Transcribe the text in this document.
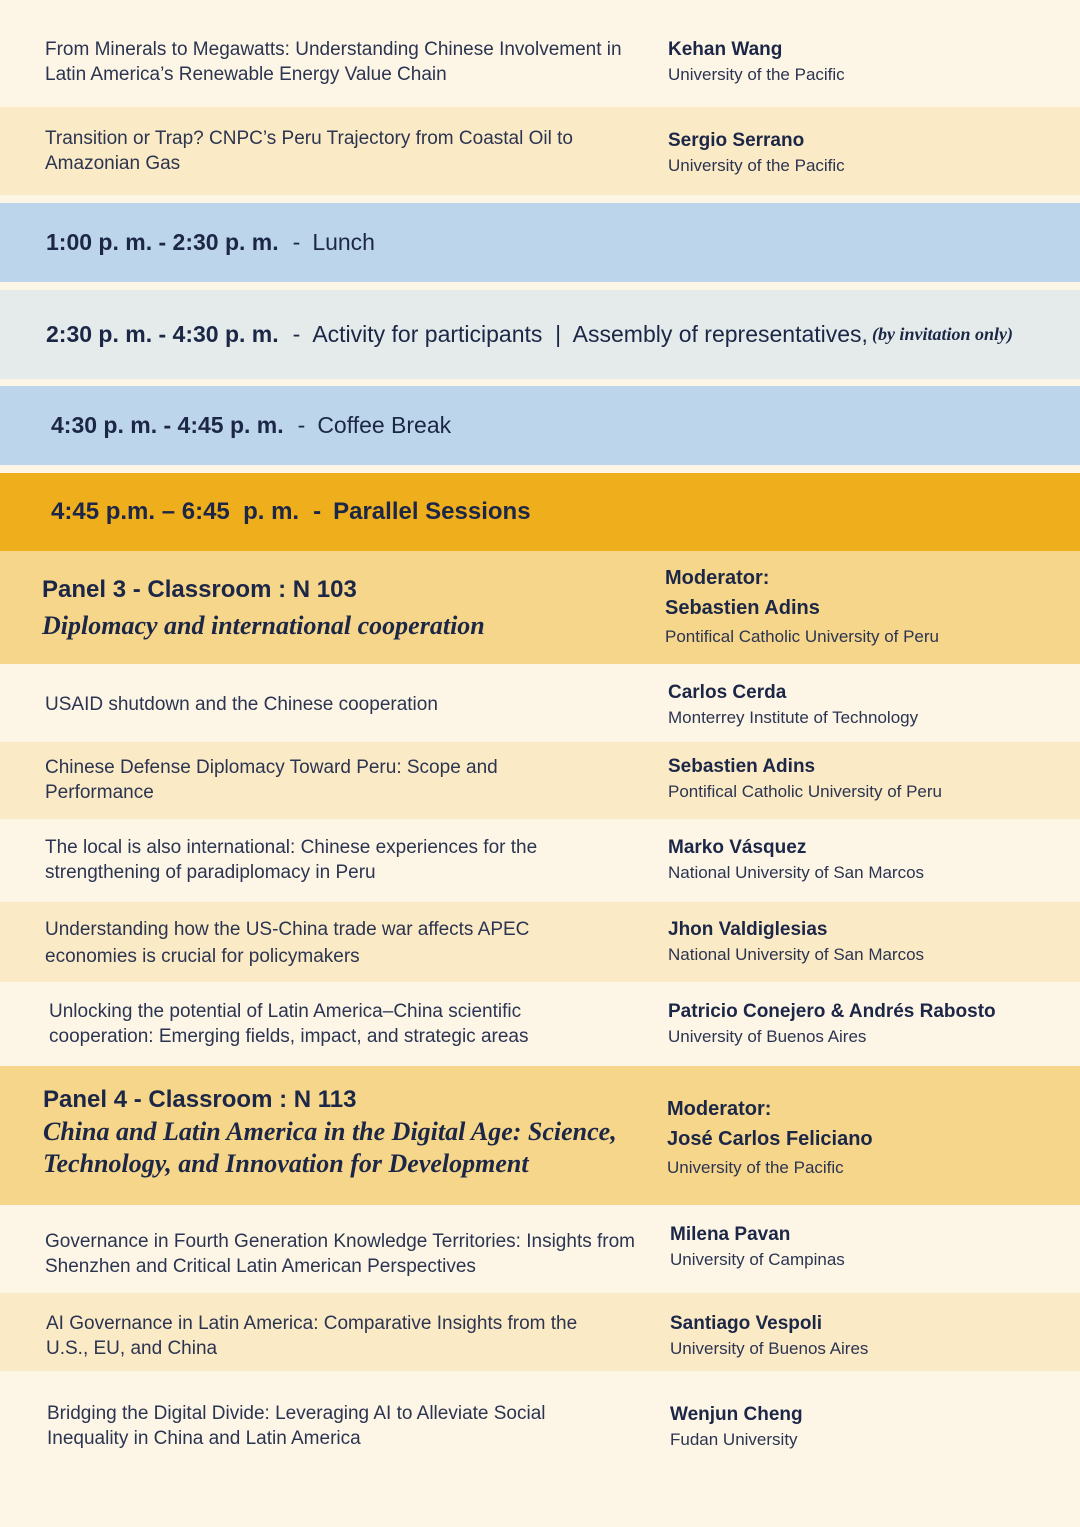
From Minerals to Megawatts: Understanding Chinese Involvement in Latin America’s Renewable Energy Value Chain
Kehan Wang
University of the Pacific
Transition or Trap? CNPC’s Peru Trajectory from Coastal Oil to Amazonian Gas
Sergio Serrano
University of the Pacific
1:00 p. m. - 2:30 p. m. - Lunch
2:30 p. m. - 4:30 p. m. - Activity for participants  |  Assembly of representatives, (by invitation only)
4:30 p. m. - 4:45 p. m. - Coffee Break
4:45 p.m. – 6:45  p. m. - Parallel Sessions
Panel 3 - Classroom : N 103
Diplomacy and international cooperation
Moderator:
Sebastien Adins
Pontifical Catholic University of Peru
USAID shutdown and the Chinese cooperation
Carlos Cerda
Monterrey Institute of Technology
Chinese Defense Diplomacy Toward Peru: Scope and Performance
Sebastien Adins
Pontifical Catholic University of Peru
The local is also international: Chinese experiences for the strengthening of paradiplomacy in Peru
Marko Vásquez
National University of San Marcos
Understanding how the US-China trade war affects APEC economies is crucial for policymakers
Jhon Valdiglesias
National University of San Marcos
Unlocking the potential of Latin America–China scientific cooperation: Emerging fields, impact, and strategic areas
Patricio Conejero & Andrés Rabosto
University of Buenos Aires
Panel 4 - Classroom : N 113
China and Latin America in the Digital Age: Science, Technology, and Innovation for Development
Moderator:
José Carlos Feliciano
University of the Pacific
Governance in Fourth Generation Knowledge Territories: Insights from Shenzhen and Critical Latin American Perspectives
Milena Pavan
University of Campinas
AI Governance in Latin America: Comparative Insights from the U.S., EU, and China
Santiago Vespoli
University of Buenos Aires
Bridging the Digital Divide: Leveraging AI to Alleviate Social Inequality in China and Latin America
Wenjun Cheng
Fudan University
